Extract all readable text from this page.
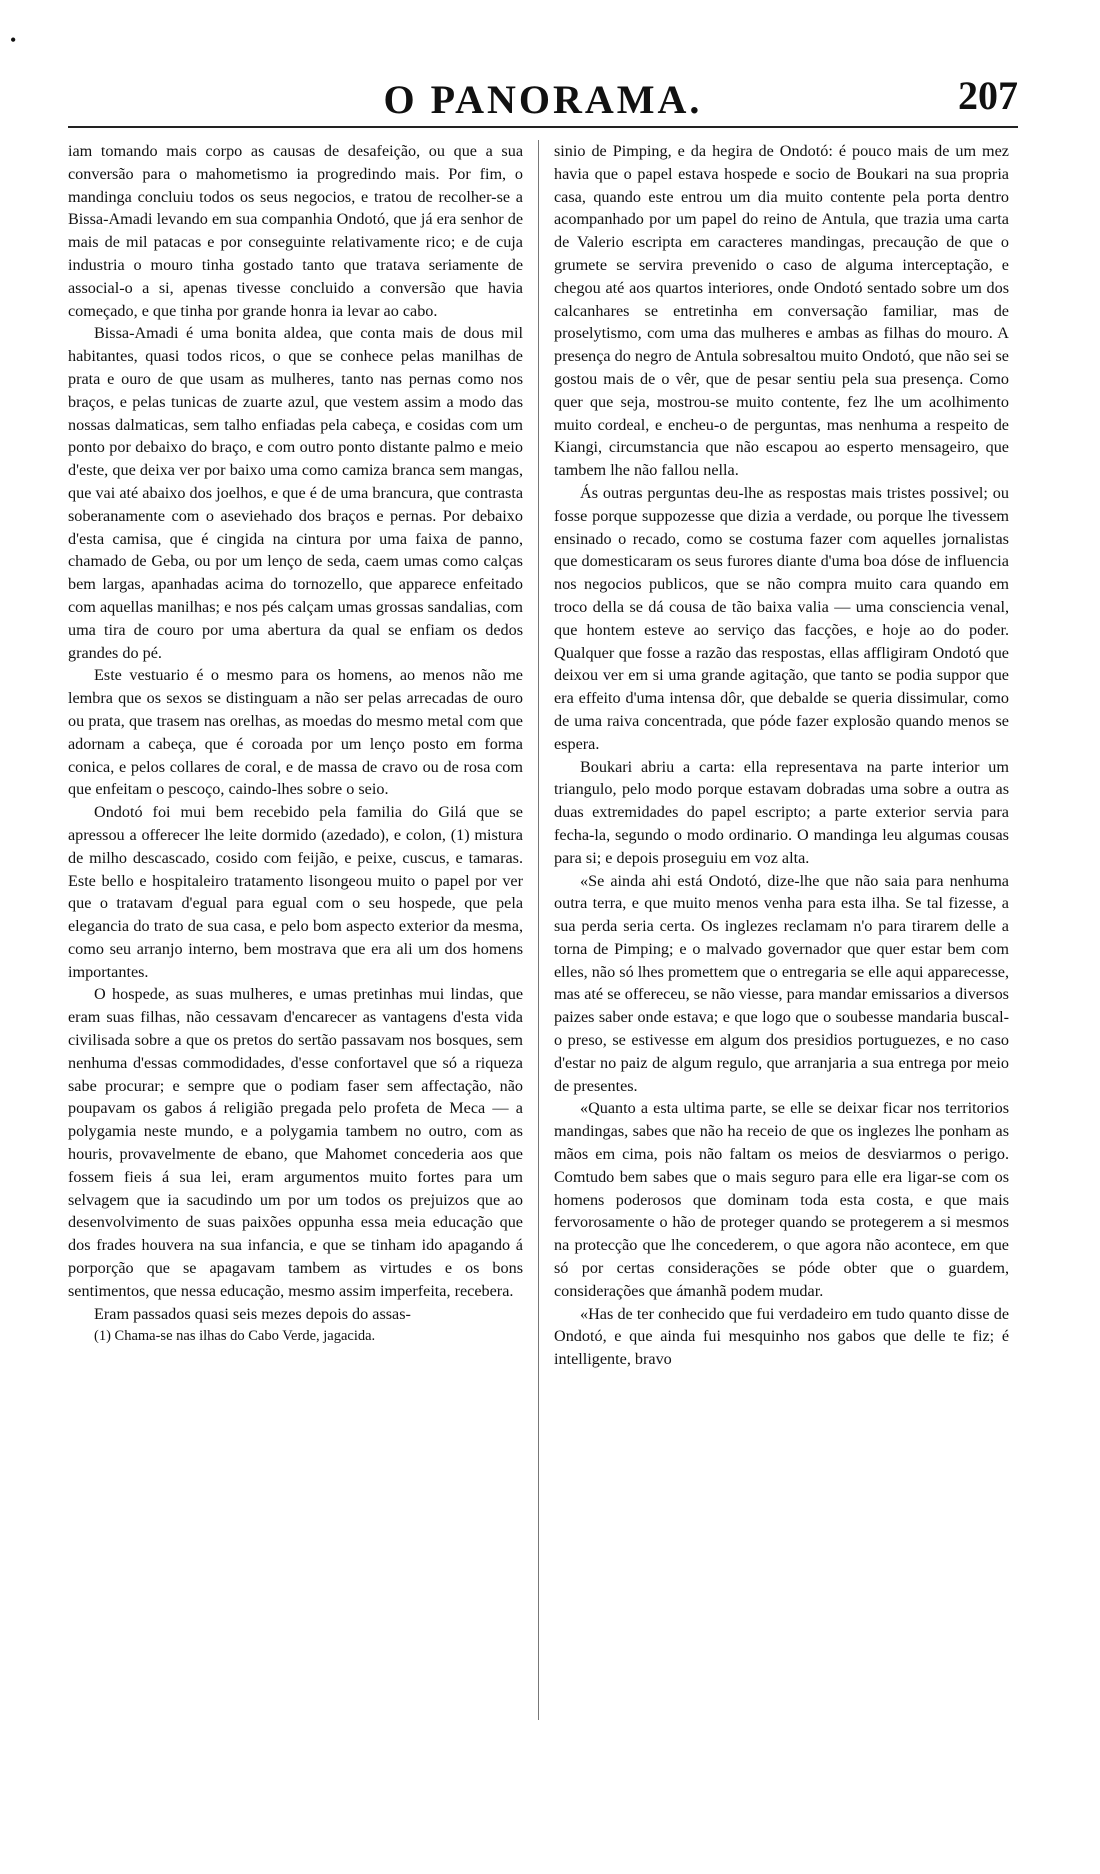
•
O PANORAMA.	207

iam tomando mais corpo as causas de desafeição, ou que a sua conversão para o mahometismo ia progredindo mais. Por fim, o mandinga concluiu todos os seus negocios, e tratou de recolher-se a Bissa-Amadi levando em sua companhia Ondotó, que já era senhor de mais de mil patacas e por conseguinte relativamente rico; e de cuja industria o mouro tinha gostado tanto que tratava seriamente de associal-o a si, apenas tivesse concluido a conversão que havia começado, e que tinha por grande honra ia levar ao cabo.

Bissa-Amadi é uma bonita aldea, que conta mais de dous mil habitantes, quasi todos ricos, o que se conhece pelas manilhas de prata e ouro de que usam as mulheres, tanto nas pernas como nos braços, e pelas tunicas de zuarte azul, que vestem assim a modo das nossas dalmaticas, sem talho enfiadas pela cabeça, e cosidas com um ponto por debaixo do braço, e com outro ponto distante palmo e meio d'este, que deixa ver por baixo uma como camiza branca sem mangas, que vai até abaixo dos joelhos, e que é de uma brancura, que contrasta soberanamente com o aseviehado dos braços e pernas. Por debaixo d'esta camisa, que é cingida na cintura por uma faixa de panno, chamado de Geba, ou por um lenço de seda, caem umas como calças bem largas, apanhadas acima do tornozello, que apparece enfeitado com aquellas manilhas; e nos pés calçam umas grossas sandalias, com uma tira de couro por uma abertura da qual se enfiam os dedos grandes do pé.

Este vestuario é o mesmo para os homens, ao menos não me lembra que os sexos se distinguam a não ser pelas arrecadas de ouro ou prata, que trasem nas orelhas, as moedas do mesmo metal com que adornam a cabeça, que é coroada por um lenço posto em forma conica, e pelos collares de coral, e de massa de cravo ou de rosa com que enfeitam o pescoço, caindo-lhes sobre o seio.

Ondotó foi mui bem recebido pela familia do Gilá que se apressou a offerecer lhe leite dormido (azedado), e colon, (1) mistura de milho descascado, cosido com feijão, e peixe, cuscus, e tamaras. Este bello e hospitaleiro tratamento lisongeou muito o papel por ver que o tratavam d'egual para egual com o seu hospede, que pela elegancia do trato de sua casa, e pelo bom aspecto exterior da mesma, como seu arranjo interno, bem mostrava que era ali um dos homens importantes.

O hospede, as suas mulheres, e umas pretinhas mui lindas, que eram suas filhas, não cessavam d'encarecer as vantagens d'esta vida civilisada sobre a que os pretos do sertão passavam nos bosques, sem nenhuma d'essas commodidades, d'esse confortavel que só a riqueza sabe procurar; e sempre que o podiam faser sem affectação, não poupavam os gabos á religião pregada pelo profeta de Meca — a polygamia neste mundo, e a polygamia tambem no outro, com as houris, provavelmente de ebano, que Mahomet concederia aos que fossem fieis á sua lei, eram argumentos muito fortes para um selvagem que ia sacudindo um por um todos os prejuizos que ao desenvolvimento de suas paixões oppunha essa meia educação que dos frades houvera na sua infancia, e que se tinham ido apagando á porporção que se apagavam tambem as virtudes e os bons sentimentos, que nessa educação, mesmo assim imperfeita, recebera.

Eram passados quasi seis mezes depois do assas-

(1) Chama-se nas ilhas do Cabo Verde, jagacida.

sinio de Pimping, e da hegira de Ondotó: é pouco mais de um mez havia que o papel estava hospede e socio de Boukari na sua propria casa, quando este entrou um dia muito contente pela porta dentro acompanhado por um papel do reino de Antula, que trazia uma carta de Valerio escripta em caracteres mandingas, precaução de que o grumete se servira prevenido o caso de alguma interceptação, e chegou até aos quartos interiores, onde Ondotó sentado sobre um dos calcanhares se entretinha em conversação familiar, mas de proselytismo, com uma das mulheres e ambas as filhas do mouro. A presença do negro de Antula sobresaltou muito Ondotó, que não sei se gostou mais de o vêr, que de pesar sentiu pela sua presença. Como quer que seja, mostrou-se muito contente, fez lhe um acolhimento muito cordeal, e encheu-o de perguntas, mas nenhuma a respeito de Kiangi, circumstancia que não escapou ao esperto mensageiro, que tambem lhe não fallou nella.

Ás outras perguntas deu-lhe as respostas mais tristes possivel; ou fosse porque suppozesse que dizia a verdade, ou porque lhe tivessem ensinado o recado, como se costuma fazer com aquelles jornalistas que domesticaram os seus furores diante d'uma boa dóse de influencia nos negocios publicos, que se não compra muito cara quando em troco della se dá cousa de tão baixa valia — uma consciencia venal, que hontem esteve ao serviço das facções, e hoje ao do poder. Qualquer que fosse a razão das respostas, ellas affligiram Ondotó que deixou ver em si uma grande agitação, que tanto se podia suppor que era effeito d'uma intensa dôr, que debalde se queria dissimular, como de uma raiva concentrada, que póde fazer explosão quando menos se espera.

Boukari abriu a carta: ella representava na parte interior um triangulo, pelo modo porque estavam dobradas uma sobre a outra as duas extremidades do papel escripto; a parte exterior servia para fecha-la, segundo o modo ordinario. O mandinga leu algumas cousas para si; e depois proseguiu em voz alta.

«Se ainda ahi está Ondotó, dize-lhe que não saia para nenhuma outra terra, e que muito menos venha para esta ilha. Se tal fizesse, a sua perda seria certa. Os inglezes reclamam n'o para tirarem delle a torna de Pimping; e o malvado governador que quer estar bem com elles, não só lhes promettem que o entregaria se elle aqui apparecesse, mas até se offereceu, se não viesse, para mandar emissarios a diversos paizes saber onde estava; e que logo que o soubesse mandaria buscal-o preso, se estivesse em algum dos presidios portuguezes, e no caso d'estar no paiz de algum regulo, que arranjaria a sua entrega por meio de presentes.

«Quanto a esta ultima parte, se elle se deixar ficar nos territorios mandingas, sabes que não ha receio de que os inglezes lhe ponham as mãos em cima, pois não faltam os meios de desviarmos o perigo. Comtudo bem sabes que o mais seguro para elle era ligar-se com os homens poderosos que dominam toda esta costa, e que mais fervorosamente o hão de proteger quando se protegerem a si mesmos na protecção que lhe concederem, o que agora não acontece, em que só por certas considerações se póde obter que o guardem, considerações que ámanhã podem mudar.

«Has de ter conhecido que fui verdadeiro em tudo quanto disse de Ondotó, e que ainda fui mesquinho nos gabos que delle te fiz; é intelligente, bravo
